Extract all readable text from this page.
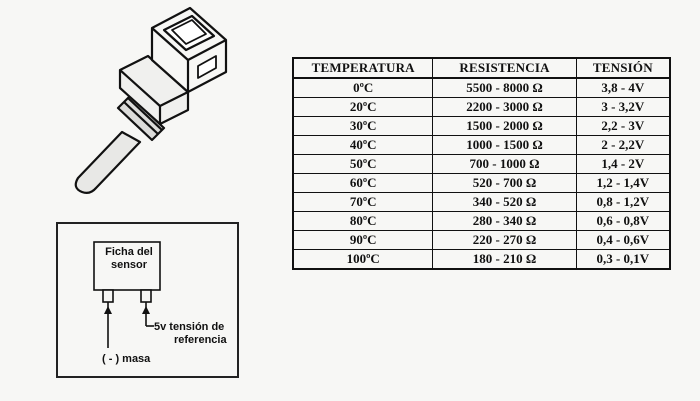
Ficha del
sensor
5v tensión de
referencia
( - ) masa
TEMPERATURA	RESISTENCIA	TENSIÓN
0ºC	5500 - 8000 Ω	3,8 - 4V
20ºC	2200 - 3000 Ω	3 - 3,2V
30ºC	1500 - 2000 Ω	2,2 - 3V
40ºC	1000 - 1500 Ω	2 - 2,2V
50ºC	700 - 1000 Ω	1,4 - 2V
60ºC	520 - 700 Ω	1,2 - 1,4V
70ºC	340 - 520 Ω	0,8 - 1,2V
80ºC	280 - 340 Ω	0,6 - 0,8V
90ºC	220 - 270 Ω	0,4 - 0,6V
100ºC	180 - 210 Ω	0,3 - 0,1V
